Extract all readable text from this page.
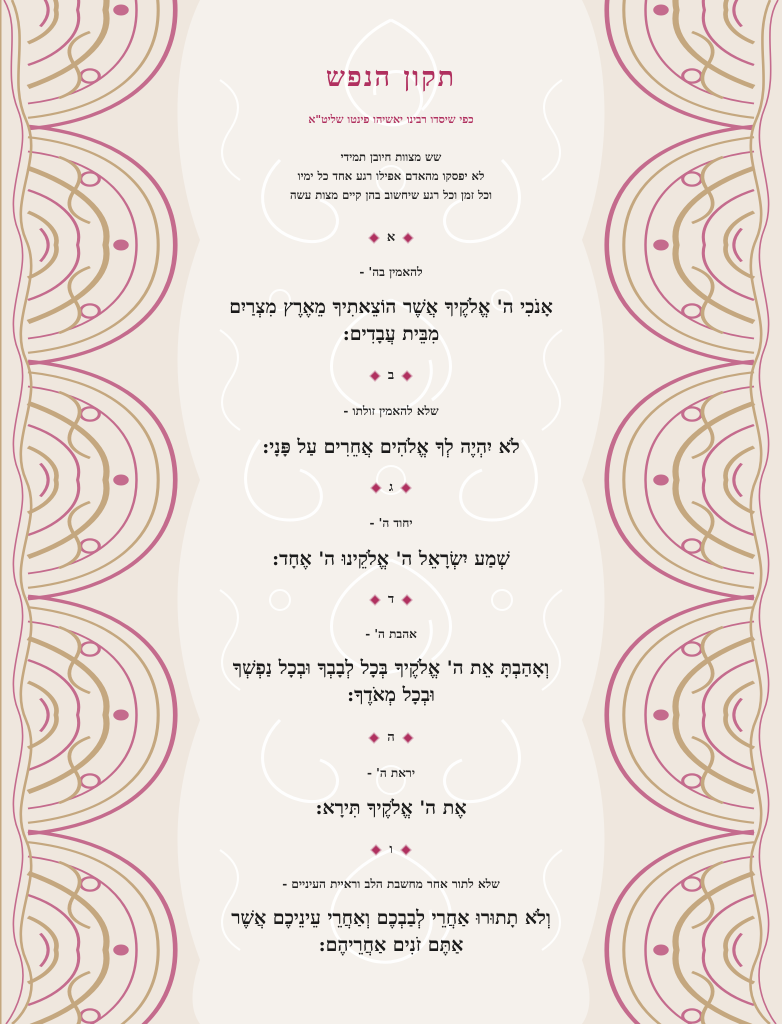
תקון הנפש
כפי שיסדו רבינו יאשיהו פינטו שליט"א
שש מצוות חיובן תמידי
לא יפסקו מהאדם אפילו רגע אחד כל ימיו
וכל זמן וכל רגע שיחשוב בהן קיים מצות עשה
א
להאמין בה' -
אָנֹכִי ה' אֱלֹקֶיךָ אֲשֶׁר הוֹצֵאתִיךָ מֵאֶרֶץ מִצְרַיִם
מִבֵּית עֲבָדִים:
ב
שלא להאמין זולתו -
לֹא יִהְיֶה לְךָ אֱלֹהִים אֲחֵרִים עַל פָּנָי:
ג
יחוד ה' -
שְׁמַע יִשְׂרָאֵל ה' אֱלֹקֵינוּ ה' אֶחָד:
ד
אהבת ה' -
וְאָהַבְתָּ אֵת ה' אֱלֹקֶיךָ בְּכָל לְבָבְךָ וּבְכָל נַפְשְׁךָ
וּבְכָל מְאֹדֶךָ:
ה
יראת ה' -
אֶת ה' אֱלֹקֶיךָ תִּירָא:
ו
שלא לתור אחר מחשבת הלב וראיית העיניים -
וְלֹא תָתוּרוּ אַחֲרֵי לְבַבְכֶם וְאַחֲרֵי עֵינֵיכֶם אֲשֶׁר
אַתֶּם זֹנִים אַחֲרֵיהֶם:
